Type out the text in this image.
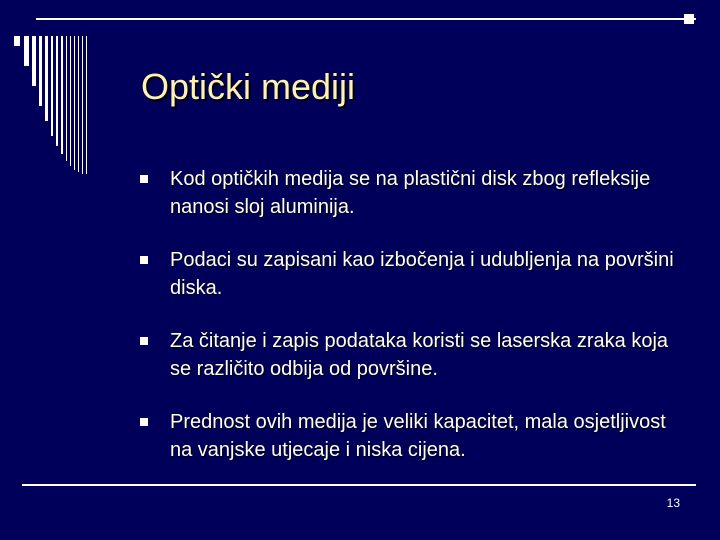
Optički mediji
Kod optičkih medija se na plastični disk zbog refleksije nanosi sloj aluminija.
Podaci su zapisani kao izbočenja i udubljenja na površini diska.
Za čitanje i zapis podataka koristi se laserska zraka koja se različito odbija od površine.
Prednost ovih medija je veliki kapacitet, mala osjetljivost na vanjske utjecaje i niska cijena.
13
